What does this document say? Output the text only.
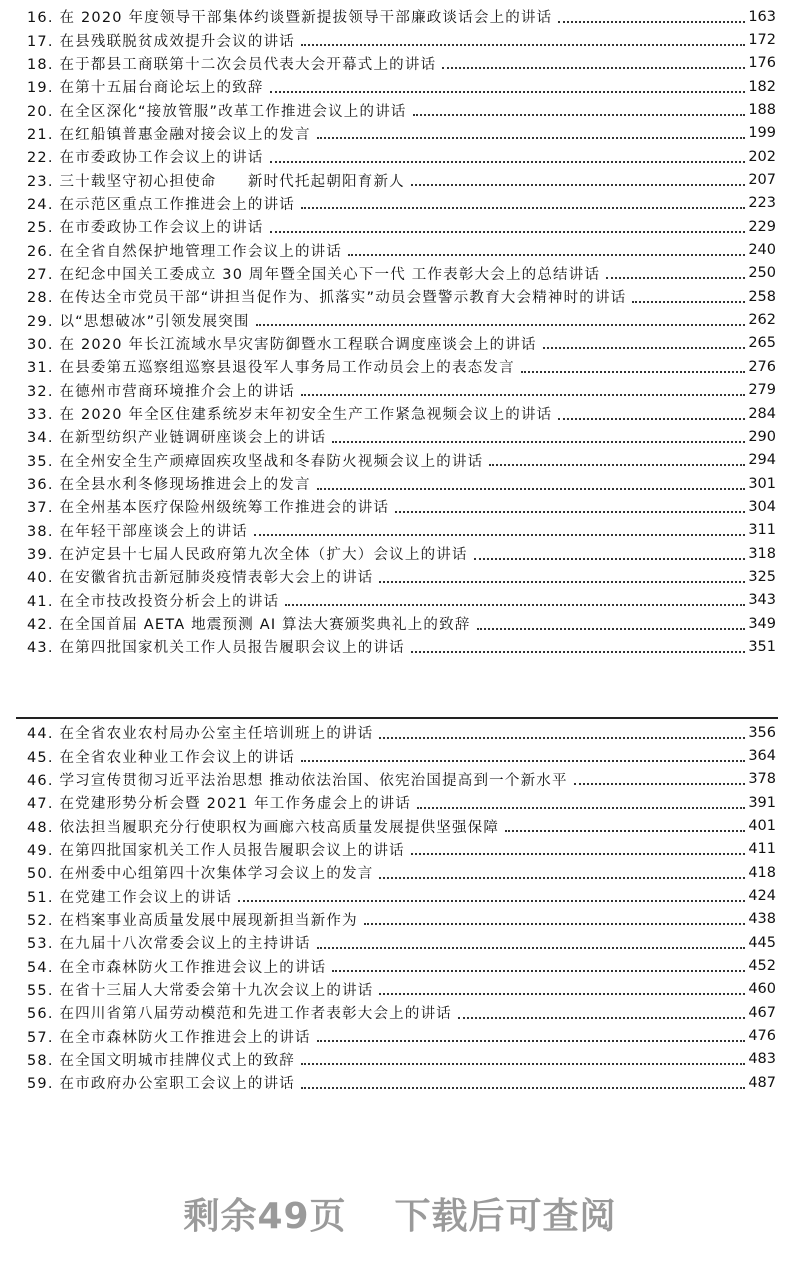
16. 在 2020 年度领导干部集体约谈暨新提拔领导干部廉政谈话会上的讲话	163
17. 在县残联脱贫成效提升会议的讲话	172
18. 在于都县工商联第十二次会员代表大会开幕式上的讲话	176
19. 在第十五届台商论坛上的致辞	182
20. 在全区深化“接放管服”改革工作推进会议上的讲话	188
21. 在红船镇普惠金融对接会议上的发言	199
22. 在市委政协工作会议上的讲话	202
23. 三十载坚守初心担使命　　新时代托起朝阳育新人	207
24. 在示范区重点工作推进会上的讲话	223
25. 在市委政协工作会议上的讲话	229
26. 在全省自然保护地管理工作会议上的讲话	240
27. 在纪念中国关工委成立 30 周年暨全国关心下一代 工作表彰大会上的总结讲话	250
28. 在传达全市党员干部“讲担当促作为、抓落实”动员会暨警示教育大会精神时的讲话	258
29. 以“思想破冰”引领发展突围	262
30. 在 2020 年长江流域水旱灾害防御暨水工程联合调度座谈会上的讲话	265
31. 在县委第五巡察组巡察县退役军人事务局工作动员会上的表态发言	276
32. 在德州市营商环境推介会上的讲话	279
33. 在 2020 年全区住建系统岁末年初安全生产工作紧急视频会议上的讲话	284
34. 在新型纺织产业链调研座谈会上的讲话	290
35. 在全州安全生产顽瘴固疾攻坚战和冬春防火视频会议上的讲话	294
36. 在全县水利冬修现场推进会上的发言	301
37. 在全州基本医疗保险州级统筹工作推进会的讲话	304
38. 在年轻干部座谈会上的讲话	311
39. 在泸定县十七届人民政府第九次全体（扩大）会议上的讲话	318
40. 在安徽省抗击新冠肺炎疫情表彰大会上的讲话	325
41. 在全市技改投资分析会上的讲话	343
42. 在全国首届 AETA 地震预测 AI 算法大赛颁奖典礼上的致辞	349
43. 在第四批国家机关工作人员报告履职会议上的讲话	351
44. 在全省农业农村局办公室主任培训班上的讲话	356
45. 在全省农业种业工作会议上的讲话	364
46. 学习宣传贯彻习近平法治思想 推动依法治国、依宪治国提高到一个新水平	378
47. 在党建形势分析会暨 2021 年工作务虚会上的讲话	391
48. 依法担当履职充分行使职权为画廊六枝高质量发展提供坚强保障	401
49. 在第四批国家机关工作人员报告履职会议上的讲话	411
50. 在州委中心组第四十次集体学习会议上的发言	418
51. 在党建工作会议上的讲话	424
52. 在档案事业高质量发展中展现新担当新作为	438
53. 在九届十八次常委会议上的主持讲话	445
54. 在全市森林防火工作推进会议上的讲话	452
55. 在省十三届人大常委会第十九次会议上的讲话	460
56. 在四川省第八届劳动模范和先进工作者表彰大会上的讲话	467
57. 在全市森林防火工作推进会上的讲话	476
58. 在全国文明城市挂牌仪式上的致辞	483
59. 在市政府办公室职工会议上的讲话	487
剩余49页 下载后可查阅
